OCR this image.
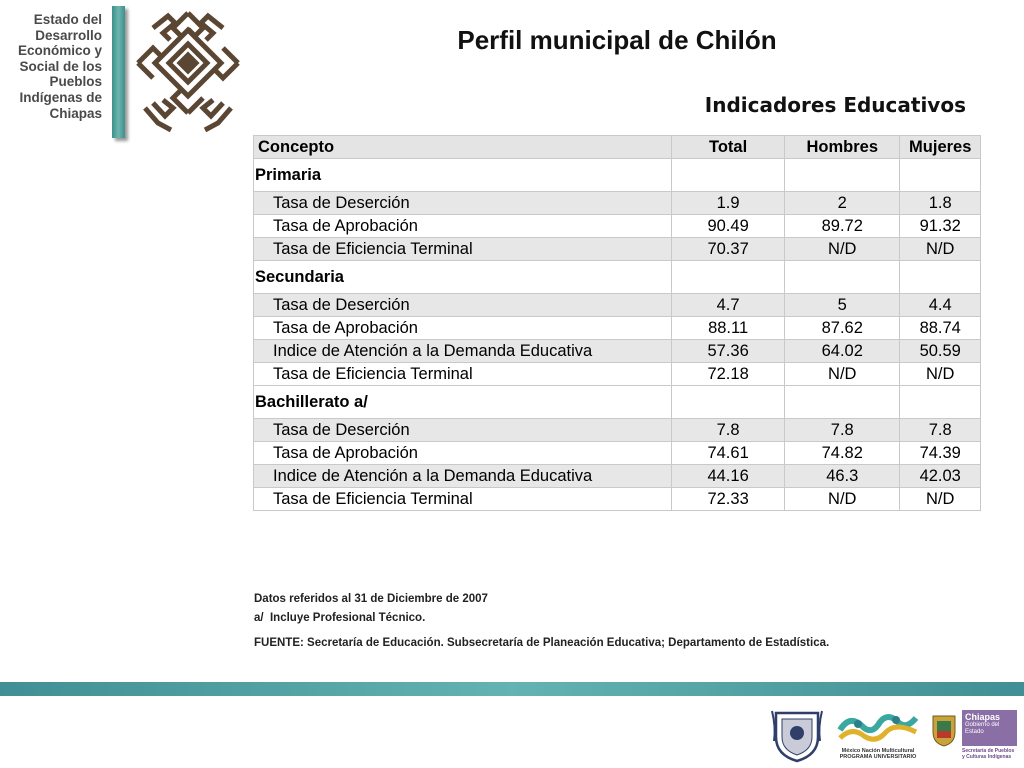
Estado del
Desarrollo
Económico y
Social de los
Pueblos
Indígenas de
Chiapas
Perfil municipal de Chilón
Indicadores Educativos
Concepto	Total	Hombres	Mujeres
Primaria			
Tasa de Deserción	1.9	2	1.8
Tasa de Aprobación	90.49	89.72	91.32
Tasa de Eficiencia Terminal	70.37	N/D	N/D
Secundaria			
Tasa de Deserción	4.7	5	4.4
Tasa de Aprobación	88.11	87.62	88.74
Indice de Atención a la Demanda Educativa	57.36	64.02	50.59
Tasa de Eficiencia Terminal	72.18	N/D	N/D
Bachillerato a/			
Tasa de Deserción	7.8	7.8	7.8
Tasa de Aprobación	74.61	74.82	74.39
Indice de Atención a la Demanda Educativa	44.16	46.3	42.03
Tasa de Eficiencia Terminal	72.33	N/D	N/D
Datos referidos al 31 de Diciembre de 2007
a/ Incluye Profesional Técnico.
FUENTE: Secretaría de Educación. Subsecretaría de Planeación Educativa; Departamento de Estadística.
México Nación Multicultural
PROGRAMA UNIVERSITARIO
Chiapas
Gobierno del Estado
Secretaría de Pueblos y Culturas Indígenas
